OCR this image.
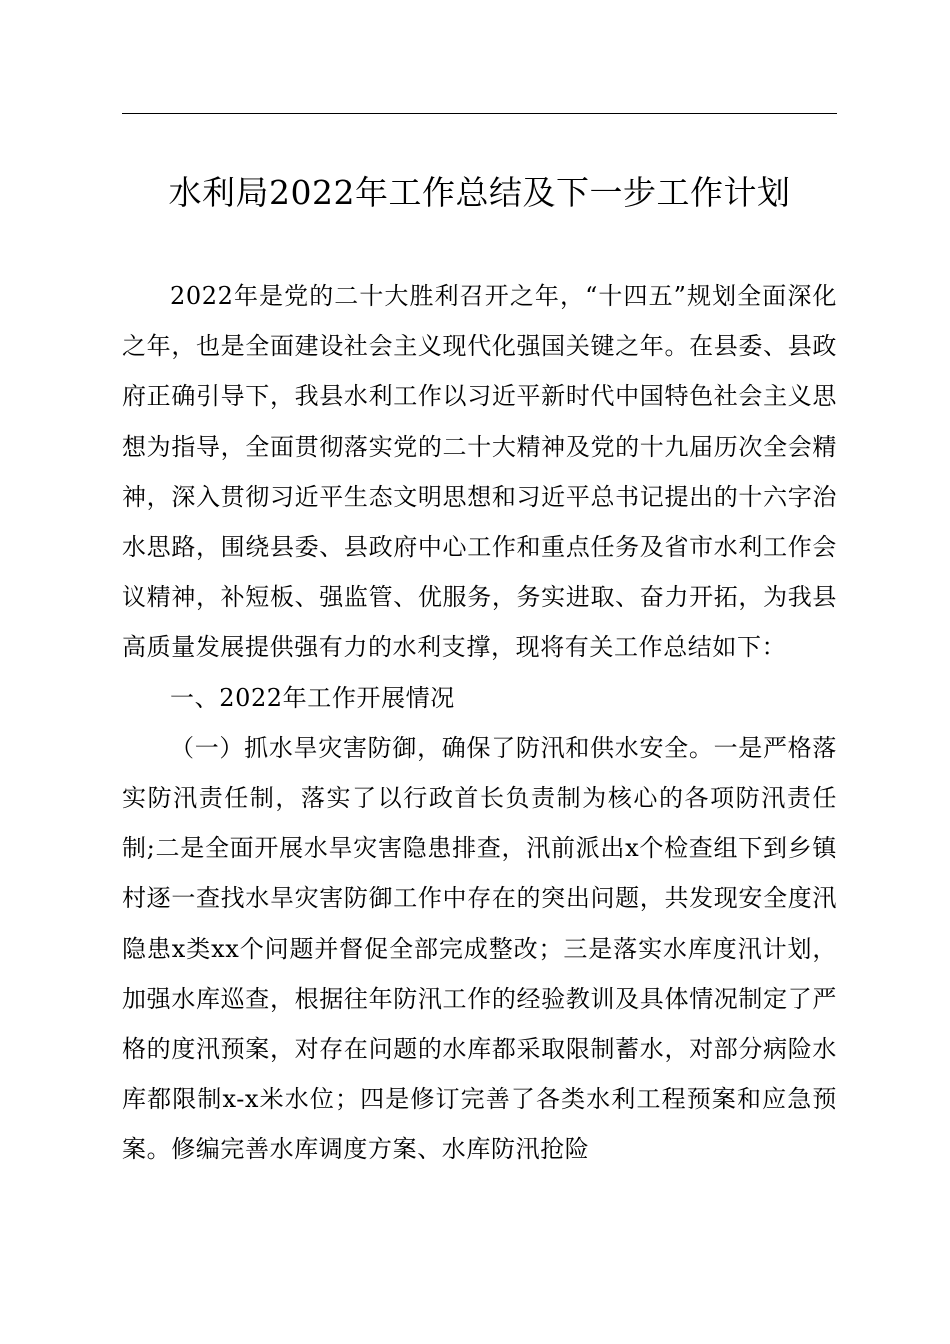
水利局2022年工作总结及下一步工作计划

2022年是党的二十大胜利召开之年，“十四五”规划全面深化之年，也是全面建设社会主义现代化强国关键之年。在县委、县政府正确引导下，我县水利工作以习近平新时代中国特色社会主义思想为指导，全面贯彻落实党的二十大精神及党的十九届历次全会精神，深入贯彻习近平生态文明思想和习近平总书记提出的十六字治水思路，围绕县委、县政府中心工作和重点任务及省市水利工作会议精神，补短板、强监管、优服务，务实进取、奋力开拓，为我县高质量发展提供强有力的水利支撑，现将有关工作总结如下：

一、2022年工作开展情况

（一）抓水旱灾害防御，确保了防汛和供水安全。一是严格落实防汛责任制，落实了以行政首长负责制为核心的各项防汛责任制;二是全面开展水旱灾害隐患排查，汛前派出x个检查组下到乡镇村逐一查找水旱灾害防御工作中存在的突出问题，共发现安全度汛隐患x类xx个问题并督促全部完成整改；三是落实水库度汛计划，加强水库巡查，根据往年防汛工作的经验教训及具体情况制定了严格的度汛预案，对存在问题的水库都采取限制蓄水，对部分病险水库都限制x-x米水位；四是修订完善了各类水利工程预案和应急预案。修编完善水库调度方案、水库防汛抢险
